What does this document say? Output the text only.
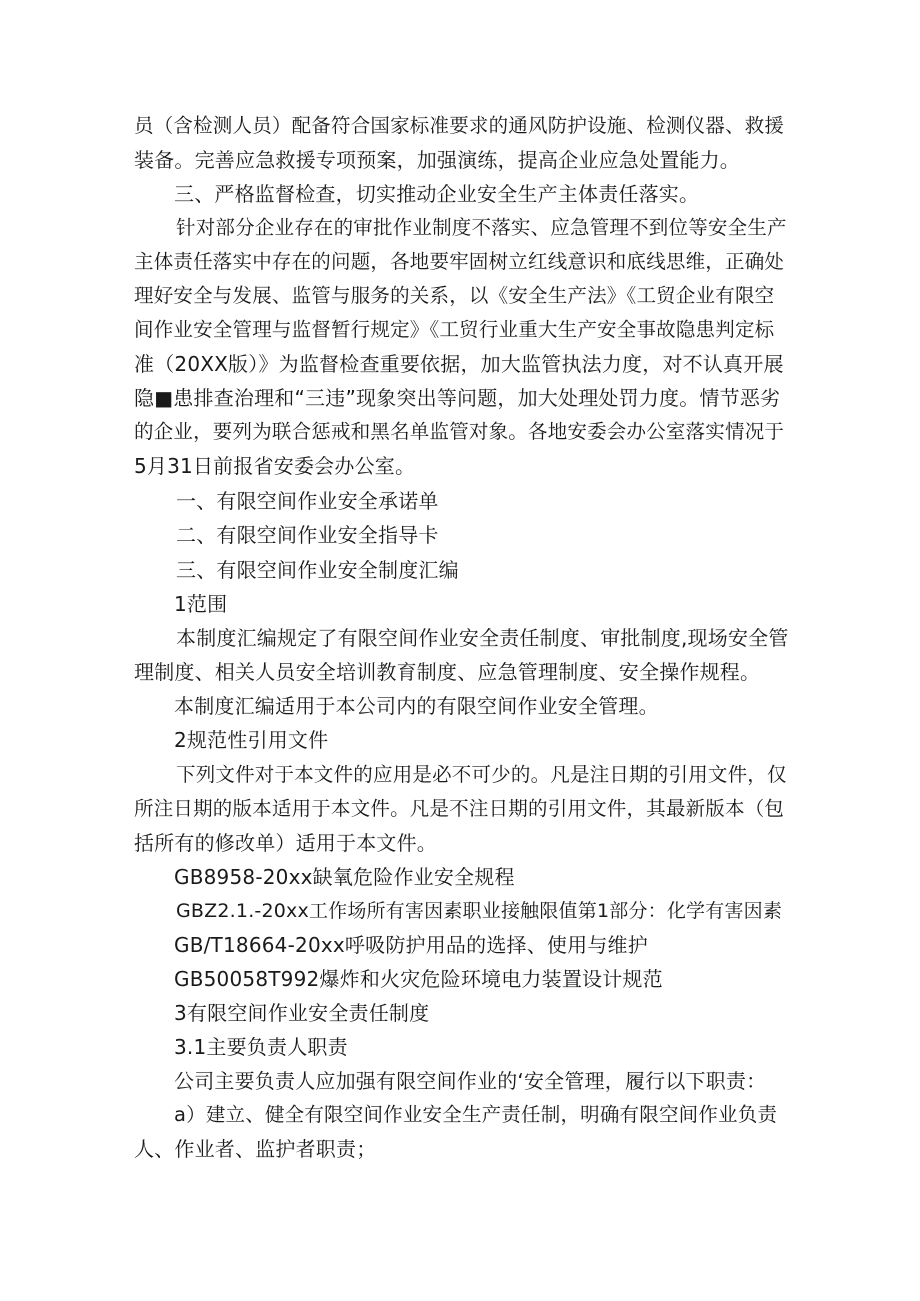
员（含检测人员）配备符合国家标准要求的通风防护设施、检测仪器、救援
装备。完善应急救援专项预案，加强演练，提高企业应急处置能力。
三、严格监督检查，切实推动企业安全生产主体责任落实。
针对部分企业存在的审批作业制度不落实、应急管理不到位等安全生产
主体责任落实中存在的问题，各地要牢固树立红线意识和底线思维，正确处
理好安全与发展、监管与服务的关系，以《安全生产法》《工贸企业有限空
间作业安全管理与监督暂行规定》《工贸行业重大生产安全事故隐患判定标
准（20XX版）》为监督检查重要依据，加大监管执法力度，对不认真开展
隐■患排查治理和“三违”现象突出等问题，加大处理处罚力度。情节恶劣
的企业，要列为联合惩戒和黑名单监管对象。各地安委会办公室落实情况于
5月31日前报省安委会办公室。
一、有限空间作业安全承诺单
二、有限空间作业安全指导卡
三、有限空间作业安全制度汇编
1范围
本制度汇编规定了有限空间作业安全责任制度、审批制度,现场安全管
理制度、相关人员安全培训教育制度、应急管理制度、安全操作规程。
本制度汇编适用于本公司内的有限空间作业安全管理。
2规范性引用文件
下列文件对于本文件的应用是必不可少的。凡是注日期的引用文件，仅
所注日期的版本适用于本文件。凡是不注日期的引用文件，其最新版本（包
括所有的修改单）适用于本文件。
GB8958-20xx缺氧危险作业安全规程
GBZ2.1.-20xx工作场所有害因素职业接触限值第1部分：化学有害因素
GB/T18664-20xx呼吸防护用品的选择、使用与维护
GB50058T992爆炸和火灾危险环境电力装置设计规范
3有限空间作业安全责任制度
3.1主要负责人职责
公司主要负责人应加强有限空间作业的‘安全管理，履行以下职责：
a）建立、健全有限空间作业安全生产责任制，明确有限空间作业负责
人、作业者、监护者职责；
